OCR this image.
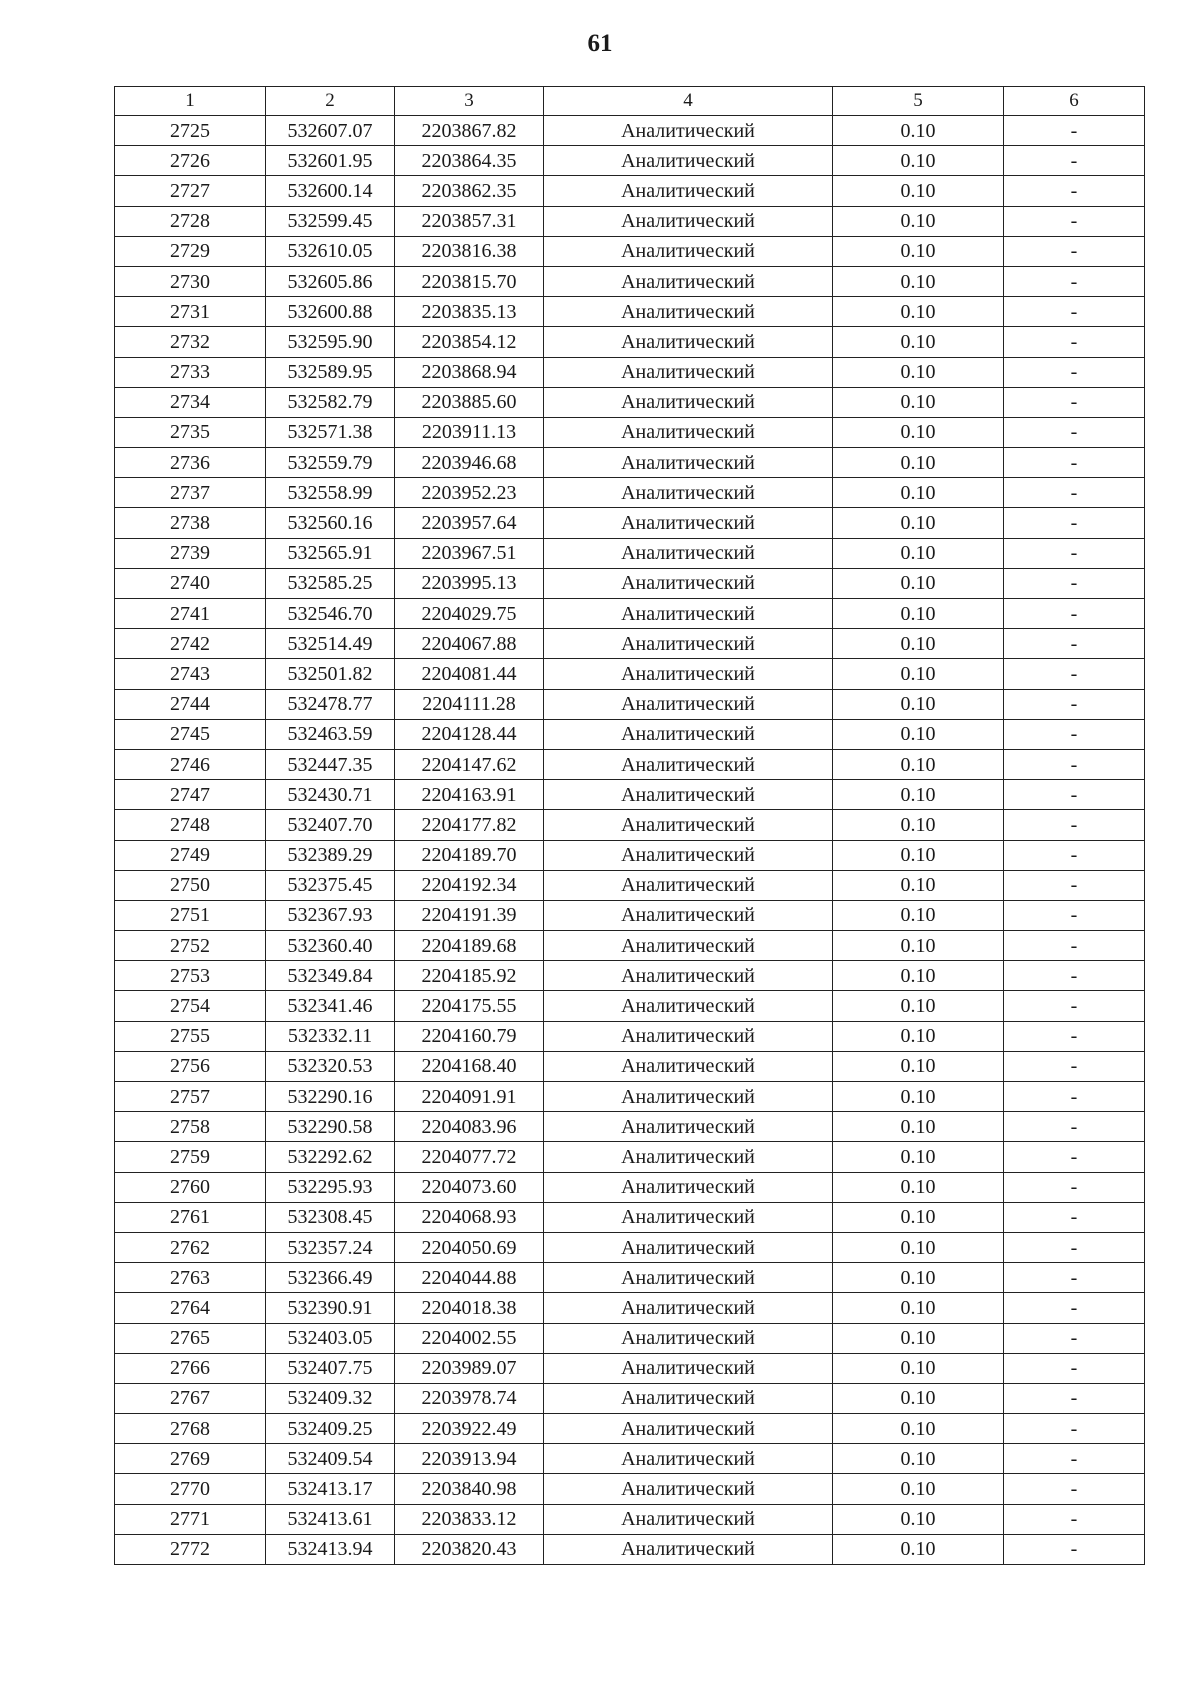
61
1	2	3	4	5	6
2725	532607.07	2203867.82	Аналитический	0.10	-
2726	532601.95	2203864.35	Аналитический	0.10	-
2727	532600.14	2203862.35	Аналитический	0.10	-
2728	532599.45	2203857.31	Аналитический	0.10	-
2729	532610.05	2203816.38	Аналитический	0.10	-
2730	532605.86	2203815.70	Аналитический	0.10	-
2731	532600.88	2203835.13	Аналитический	0.10	-
2732	532595.90	2203854.12	Аналитический	0.10	-
2733	532589.95	2203868.94	Аналитический	0.10	-
2734	532582.79	2203885.60	Аналитический	0.10	-
2735	532571.38	2203911.13	Аналитический	0.10	-
2736	532559.79	2203946.68	Аналитический	0.10	-
2737	532558.99	2203952.23	Аналитический	0.10	-
2738	532560.16	2203957.64	Аналитический	0.10	-
2739	532565.91	2203967.51	Аналитический	0.10	-
2740	532585.25	2203995.13	Аналитический	0.10	-
2741	532546.70	2204029.75	Аналитический	0.10	-
2742	532514.49	2204067.88	Аналитический	0.10	-
2743	532501.82	2204081.44	Аналитический	0.10	-
2744	532478.77	2204111.28	Аналитический	0.10	-
2745	532463.59	2204128.44	Аналитический	0.10	-
2746	532447.35	2204147.62	Аналитический	0.10	-
2747	532430.71	2204163.91	Аналитический	0.10	-
2748	532407.70	2204177.82	Аналитический	0.10	-
2749	532389.29	2204189.70	Аналитический	0.10	-
2750	532375.45	2204192.34	Аналитический	0.10	-
2751	532367.93	2204191.39	Аналитический	0.10	-
2752	532360.40	2204189.68	Аналитический	0.10	-
2753	532349.84	2204185.92	Аналитический	0.10	-
2754	532341.46	2204175.55	Аналитический	0.10	-
2755	532332.11	2204160.79	Аналитический	0.10	-
2756	532320.53	2204168.40	Аналитический	0.10	-
2757	532290.16	2204091.91	Аналитический	0.10	-
2758	532290.58	2204083.96	Аналитический	0.10	-
2759	532292.62	2204077.72	Аналитический	0.10	-
2760	532295.93	2204073.60	Аналитический	0.10	-
2761	532308.45	2204068.93	Аналитический	0.10	-
2762	532357.24	2204050.69	Аналитический	0.10	-
2763	532366.49	2204044.88	Аналитический	0.10	-
2764	532390.91	2204018.38	Аналитический	0.10	-
2765	532403.05	2204002.55	Аналитический	0.10	-
2766	532407.75	2203989.07	Аналитический	0.10	-
2767	532409.32	2203978.74	Аналитический	0.10	-
2768	532409.25	2203922.49	Аналитический	0.10	-
2769	532409.54	2203913.94	Аналитический	0.10	-
2770	532413.17	2203840.98	Аналитический	0.10	-
2771	532413.61	2203833.12	Аналитический	0.10	-
2772	532413.94	2203820.43	Аналитический	0.10	-
